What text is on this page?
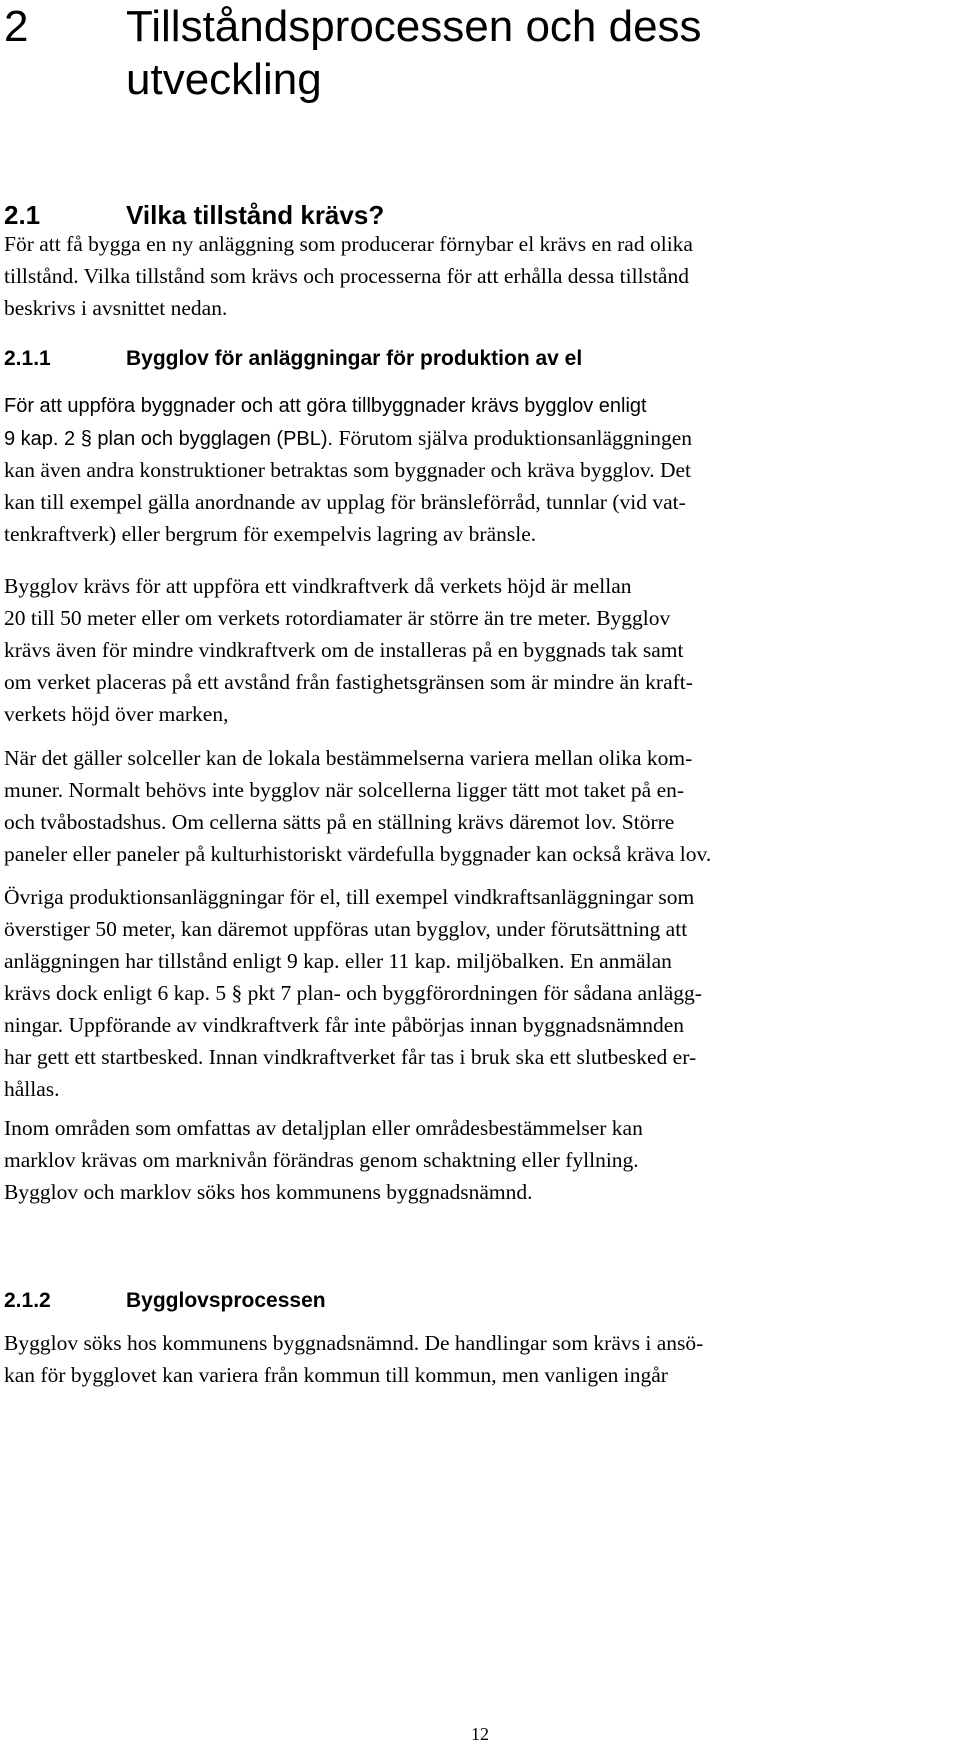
2 Tillståndsprocessen och dess
utveckling
2.1	Vilka tillstånd krävs?
För att få bygga en ny anläggning som producerar förnybar el krävs en rad olika
tillstånd. Vilka tillstånd som krävs och processerna för att erhålla dessa tillstånd
beskrivs i avsnittet nedan.
2.1.1	Bygglov för anläggningar för produktion av el
För att uppföra byggnader och att göra tillbyggnader krävs bygglov enligt
9 kap. 2 § plan och bygglagen (PBL). Förutom själva produktionsanläggningen
kan även andra konstruktioner betraktas som byggnader och kräva bygglov. Det
kan till exempel gälla anordnande av upplag för bränsleförråd, tunnlar (vid vat-
tenkraftverk) eller bergrum för exempelvis lagring av bränsle.
Bygglov krävs för att uppföra ett vindkraftverk då verkets höjd är mellan
20 till 50 meter eller om verkets rotordiamater är större än tre meter. Bygglov
krävs även för mindre vindkraftverk om de installeras på en byggnads tak samt
om verket placeras på ett avstånd från fastighetsgränsen som är mindre än kraft-
verkets höjd över marken,
När det gäller solceller kan de lokala bestämmelserna variera mellan olika kom-
muner. Normalt behövs inte bygglov när solcellerna ligger tätt mot taket på en-
och tvåbostadshus. Om cellerna sätts på en ställning krävs däremot lov. Större
paneler eller paneler på kulturhistoriskt värdefulla byggnader kan också kräva lov.
Övriga produktionsanläggningar för el, till exempel vindkraftsanläggningar som
överstiger 50 meter, kan däremot uppföras utan bygglov, under förutsättning att
anläggningen har tillstånd enligt 9 kap. eller 11 kap. miljöbalken. En anmälan
krävs dock enligt 6 kap. 5 § pkt 7 plan- och byggförordningen för sådana anlägg-
ningar. Uppförande av vindkraftverk får inte påbörjas innan byggnadsnämnden
har gett ett startbesked. Innan vindkraftverket får tas i bruk ska ett slutbesked er-
hållas.
Inom områden som omfattas av detaljplan eller områdesbestämmelser kan
marklov krävas om marknivån förändras genom schaktning eller fyllning.
Bygglov och marklov söks hos kommunens byggnadsnämnd.
2.1.2	Bygglovsprocessen
Bygglov söks hos kommunens byggnadsnämnd. De handlingar som krävs i ansö-
kan för bygglovet kan variera från kommun till kommun, men vanligen ingår
12
